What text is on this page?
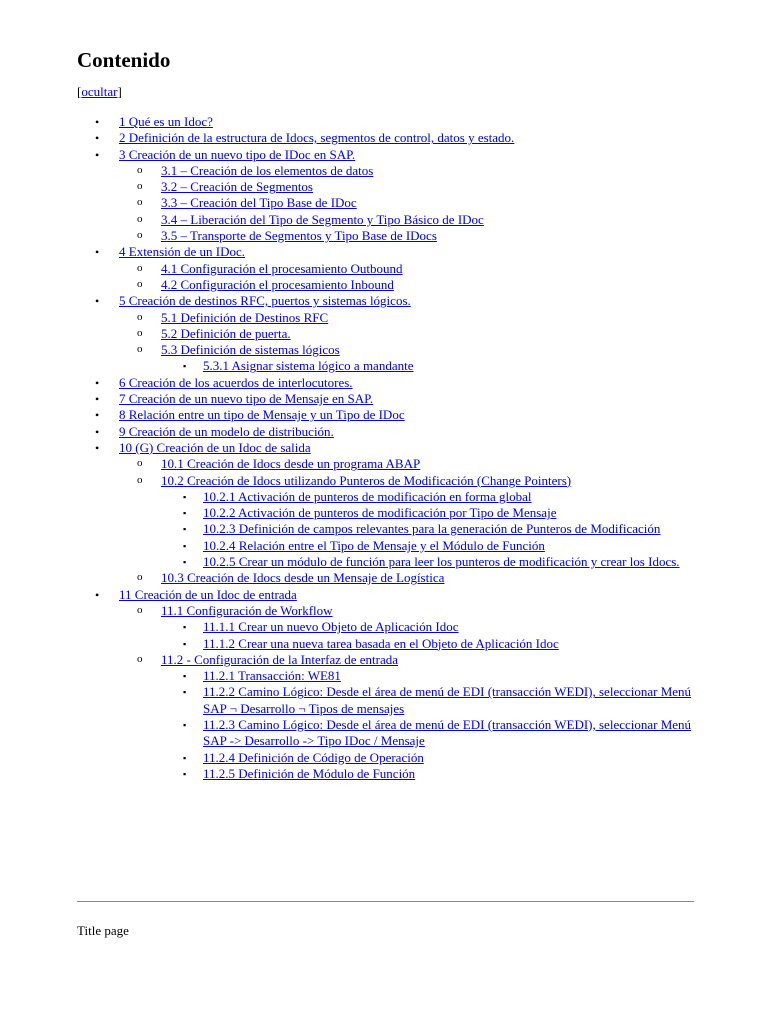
Contenido
[ocultar]
• 1 Qué es un Idoc?
• 2 Definición de la estructura de Idocs, segmentos de control, datos y estado.
• 3 Creación de un nuevo tipo de IDoc en SAP.
o 3.1 – Creación de los elementos de datos
o 3.2 – Creación de Segmentos
o 3.3 – Creación del Tipo Base de IDoc
o 3.4 – Liberación del Tipo de Segmento y Tipo Básico de IDoc
o 3.5 – Transporte de Segmentos y Tipo Base de IDocs
• 4 Extensión de un IDoc.
o 4.1 Configuración el procesamiento Outbound
o 4.2 Configuración el procesamiento Inbound
• 5 Creación de destinos RFC, puertos y sistemas lógicos.
o 5.1 Definición de Destinos RFC
o 5.2 Definición de puerta.
o 5.3 Definición de sistemas lógicos
▪ 5.3.1 Asignar sistema lógico a mandante
• 6 Creación de los acuerdos de interlocutores.
• 7 Creación de un nuevo tipo de Mensaje en SAP.
• 8 Relación entre un tipo de Mensaje y un Tipo de IDoc
• 9 Creación de un modelo de distribución.
• 10 (G) Creación de un Idoc de salida
o 10.1 Creación de Idocs desde un programa ABAP
o 10.2 Creación de Idocs utilizando Punteros de Modificación (Change Pointers)
▪ 10.2.1 Activación de punteros de modificación en forma global
▪ 10.2.2 Activación de punteros de modificación por Tipo de Mensaje
▪ 10.2.3 Definición de campos relevantes para la generación de Punteros de Modificación
▪ 10.2.4 Relación entre el Tipo de Mensaje y el Módulo de Función
▪ 10.2.5 Crear un módulo de función para leer los punteros de modificación y crear los Idocs.
o 10.3 Creación de Idocs desde un Mensaje de Logística
• 11 Creación de un Idoc de entrada
o 11.1 Configuración de Workflow
▪ 11.1.1 Crear un nuevo Objeto de Aplicación Idoc
▪ 11.1.2 Crear una nueva tarea basada en el Objeto de Aplicación Idoc
o 11.2 - Configuración de la Interfaz de entrada
▪ 11.2.1 Transacción: WE81
▪ 11.2.2 Camino Lógico: Desde el área de menú de EDI (transacción WEDI), seleccionar Menú SAP ¬ Desarrollo ¬ Tipos de mensajes
▪ 11.2.3 Camino Lógico: Desde el área de menú de EDI (transacción WEDI), seleccionar Menú SAP -> Desarrollo -> Tipo IDoc / Mensaje
▪ 11.2.4 Definición de Código de Operación
▪ 11.2.5 Definición de Módulo de Función
Title page
